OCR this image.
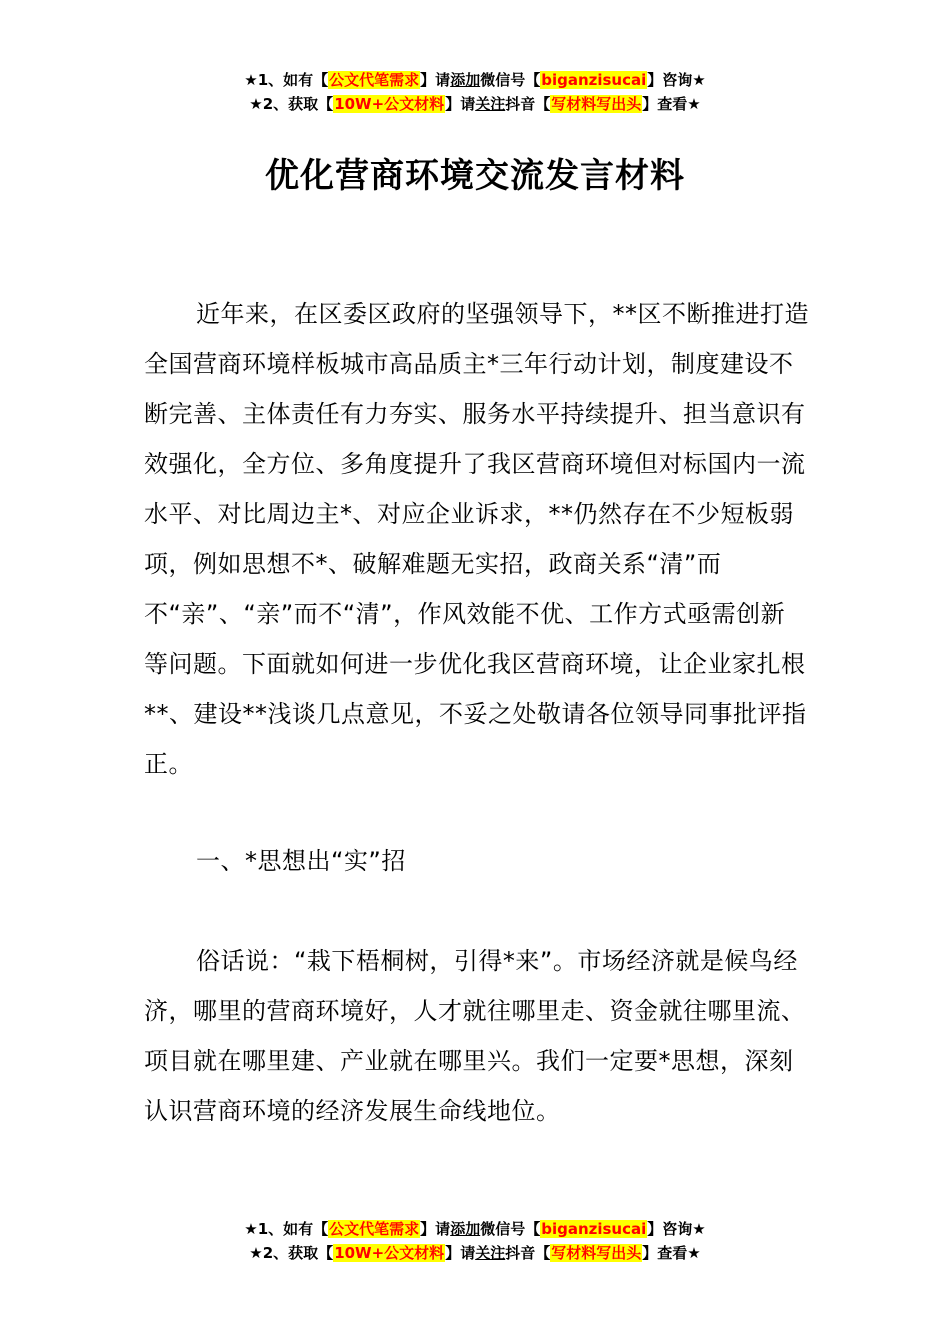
★1、如有【公文代笔需求】请添加微信号【biganzisucai】咨询★
★2、获取【10W+公文材料】请关注抖音【写材料写出头】查看★
优化营商环境交流发言材料

近年来，在区委区政府的坚强领导下，**区不断推进打造全国营商环境样板城市高品质主*三年行动计划，制度建设不断完善、主体责任有力夯实、服务水平持续提升、担当意识有效强化，全方位、多角度提升了我区营商环境但对标国内一流水平、对比周边主*、对应企业诉求，**仍然存在不少短板弱项，例如思想不*、破解难题无实招，政商关系“清”而不“亲”、“亲”而不“清”，作风效能不优、工作方式亟需创新等问题。下面就如何进一步优化我区营商环境，让企业家扎根**、建设**浅谈几点意见，不妥之处敬请各位领导同事批评指正。

一、*思想出“实”招

俗话说：“栽下梧桐树，引得*来”。市场经济就是候鸟经济，哪里的营商环境好，人才就往哪里走、资金就往哪里流、项目就在哪里建、产业就在哪里兴。我们一定要*思想，深刻认识营商环境的经济发展生命线地位。

★1、如有【公文代笔需求】请添加微信号【biganzisucai】咨询★
★2、获取【10W+公文材料】请关注抖音【写材料写出头】查看★
